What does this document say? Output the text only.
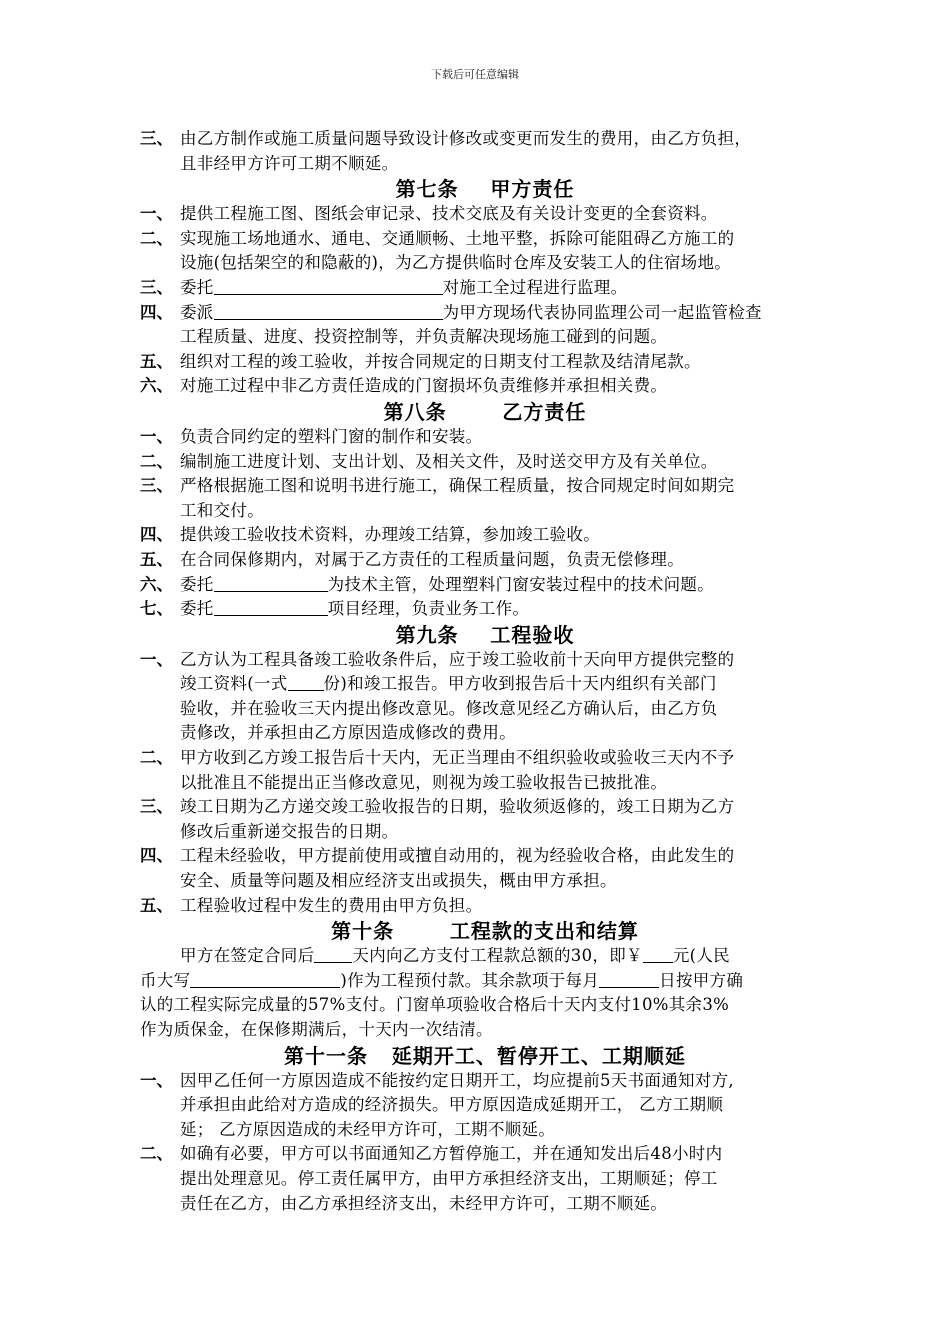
下载后可任意编辑
三、 由乙方制作或施工质量问题导致设计修改或变更而发生的费用，由乙方负担，
且非经甲方许可工期不顺延。
第七条    甲方责任
一、 提供工程施工图、图纸会审记录、技术交底及有关设计变更的全套资料。
二、 实现施工场地通水、通电、交通顺畅、土地平整，拆除可能阻碍乙方施工的
设施(包括架空的和隐蔽的)，为乙方提供临时仓库及安装工人的住宿场地。
三、 委托	对施工全过程进行监理。
四、 委派	为甲方现场代表协同监理公司一起监管检查
工程质量、进度、投资控制等，并负责解决现场施工碰到的问题。
五、 组织对工程的竣工验收，并按合同规定的日期支付工程款及结清尾款。
六、 对施工过程中非乙方责任造成的门窗损坏负责维修并承担相关费。
第八条       乙方责任
一、 负责合同约定的塑料门窗的制作和安装。
二、 编制施工进度计划、支出计划、及相关文件，及时送交甲方及有关单位。
三、 严格根据施工图和说明书进行施工，确保工程质量，按合同规定时间如期完
工和交付。
四、 提供竣工验收技术资料，办理竣工结算，参加竣工验收。
五、 在合同保修期内，对属于乙方责任的工程质量问题，负责无偿修理。
六、 委托	为技术主管，处理塑料门窗安装过程中的技术问题。
七、 委托	项目经理，负责业务工作。
第九条    工程验收
一、 乙方认为工程具备竣工验收条件后，应于竣工验收前十天向甲方提供完整的
竣工资料(一式 份)和竣工报告。甲方收到报告后十天内组织有关部门
验收，并在验收三天内提出修改意见。修改意见经乙方确认后，由乙方负
责修改，并承担由乙方原因造成修改的费用。
二、 甲方收到乙方竣工报告后十天内，无正当理由不组织验收或验收三天内不予
以批准且不能提出正当修改意见，则视为竣工验收报告已披批准。
三、 竣工日期为乙方递交竣工验收报告的日期，验收须返修的，竣工日期为乙方
修改后重新递交报告的日期。
四、 工程未经验收，甲方提前使用或擅自动用的，视为经验收合格，由此发生的
安全、质量等问题及相应经济支出或损失，概由甲方承担。
五、 工程验收过程中发生的费用由甲方负担。
第十条       工程款的支出和结算
甲方在签定合同后 天内向乙方支付工程款总额的30，即￥ 元(人民
币大写	)作为工程预付款。其余款项于每月	日按甲方确
认的工程实际完成量的57%支付。门窗单项验收合格后十天内支付10%其余3%
作为质保金，在保修期满后，十天内一次结清。
第十一条   延期开工、暂停开工、工期顺延
一、 因甲乙任何一方原因造成不能按约定日期开工，均应提前5天书面通知对方,
并承担由此给对方造成的经济损失。甲方原因造成延期开工， 乙方工期顺
延； 乙方原因造成的未经甲方许可，工期不顺延。
二、 如确有必要，甲方可以书面通知乙方暂停施工，并在通知发出后48小时内
提出处理意见。停工责任属甲方，由甲方承担经济支出，工期顺延；停工
责任在乙方，由乙方承担经济支出，未经甲方许可，工期不顺延。
